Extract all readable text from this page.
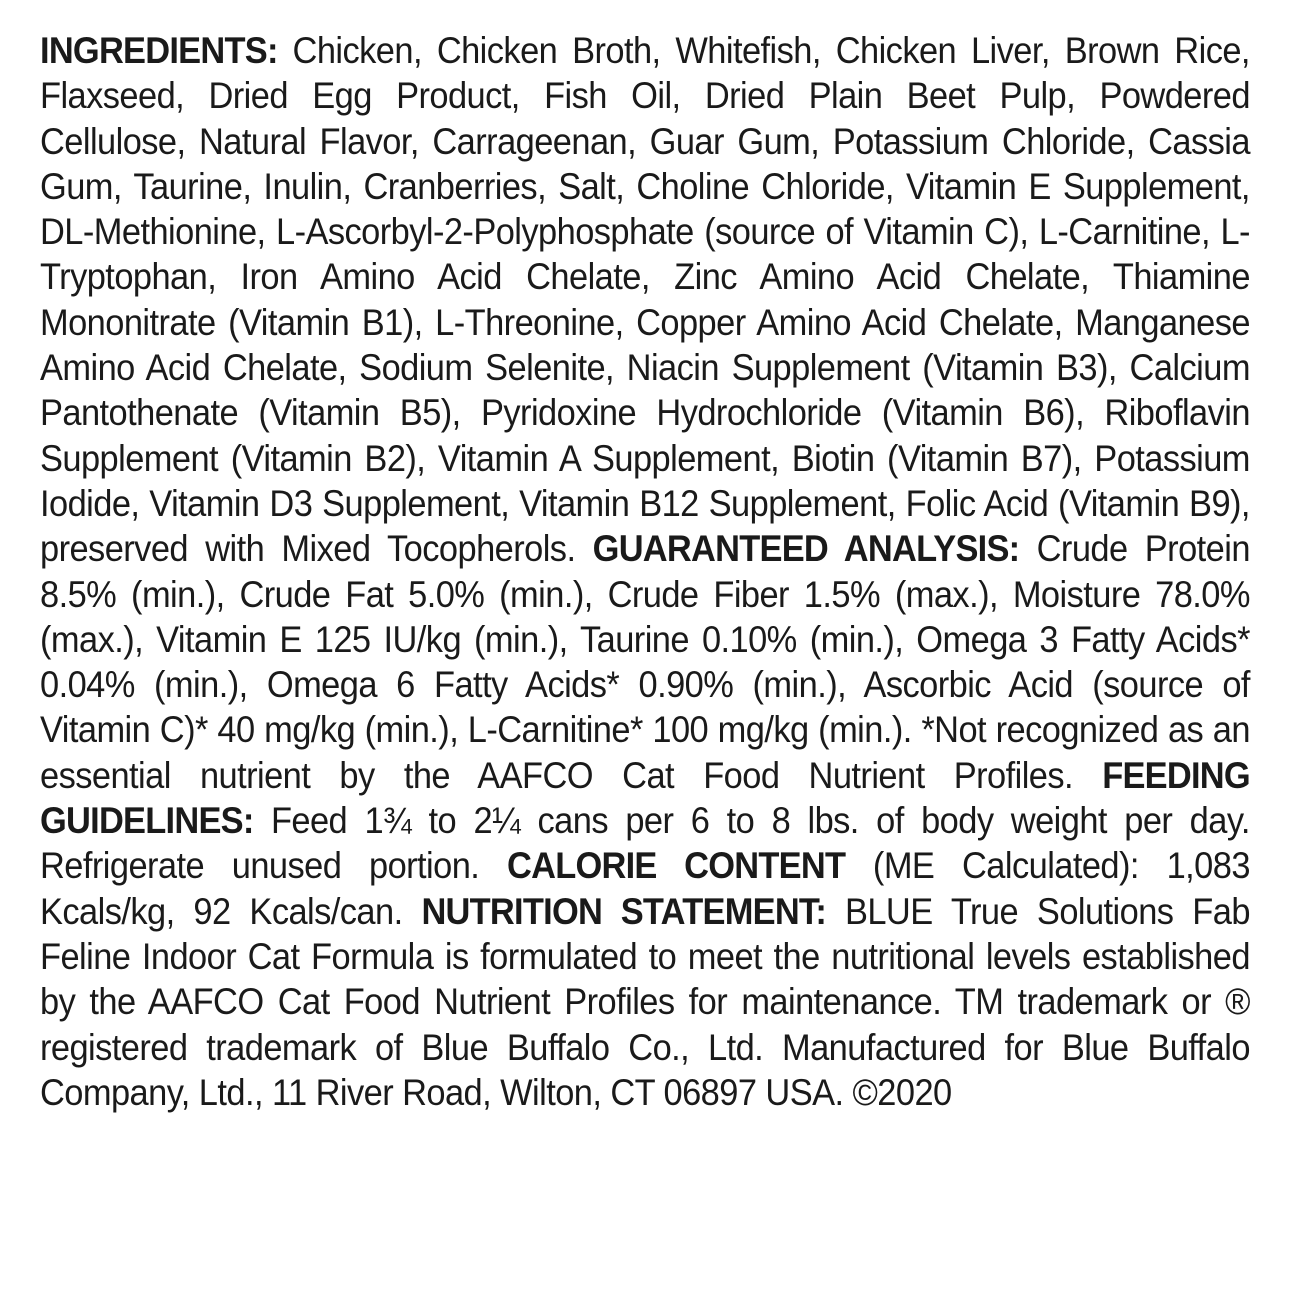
INGREDIENTS: Chicken, Chicken Broth, Whitefish, Chicken Liver, Brown Rice, Flaxseed, Dried Egg Product, Fish Oil, Dried Plain Beet Pulp, Powdered Cellulose, Natural Flavor, Carrageenan, Guar Gum, Potassium Chloride, Cassia Gum, Taurine, Inulin, Cranberries, Salt, Choline Chloride, Vitamin E Supplement, DL-Methionine, L-Ascorbyl-2-Polyphosphate (source of Vitamin C), L-Carnitine, L-Tryptophan, Iron Amino Acid Chelate, Zinc Amino Acid Chelate, Thiamine Mononitrate (Vitamin B1), L-Threonine, Copper Amino Acid Chelate, Manganese Amino Acid Chelate, Sodium Selenite, Niacin Supplement (Vitamin B3), Calcium Pantothenate (Vitamin B5), Pyridoxine Hydrochloride (Vitamin B6), Riboflavin Supplement (Vitamin B2), Vitamin A Supplement, Biotin (Vitamin B7), Potassium Iodide, Vitamin D3 Supplement, Vitamin B12 Supplement, Folic Acid (Vitamin B9), preserved with Mixed Tocopherols.

GUARANTEED ANALYSIS: Crude Protein 8.5% (min.), Crude Fat 5.0% (min.), Crude Fiber 1.5% (max.), Moisture 78.0% (max.), Vitamin E 125 IU/kg (min.), Taurine 0.10% (min.), Omega 3 Fatty Acids* 0.04% (min.), Omega 6 Fatty Acids* 0.90% (min.), Ascorbic Acid (source of Vitamin C)* 40 mg/kg (min.), L-Carnitine* 100 mg/kg (min.). *Not recognized as an essential nutrient by the AAFCO Cat Food Nutrient Profiles.

FEEDING GUIDELINES: Feed 1¾ to 2¼ cans per 6 to 8 lbs. of body weight per day. Refrigerate unused portion.

CALORIE CONTENT (ME Calculated): 1,083 Kcals/kg, 92 Kcals/can.

NUTRITION STATEMENT: BLUE True Solutions Fab Feline Indoor Cat Formula is formulated to meet the nutritional levels established by the AAFCO Cat Food Nutrient Profiles for maintenance. TM trademark or ® registered trademark of Blue Buffalo Co., Ltd. Manufactured for Blue Buffalo Company, Ltd., 11 River Road, Wilton, CT 06897 USA. ©2020
